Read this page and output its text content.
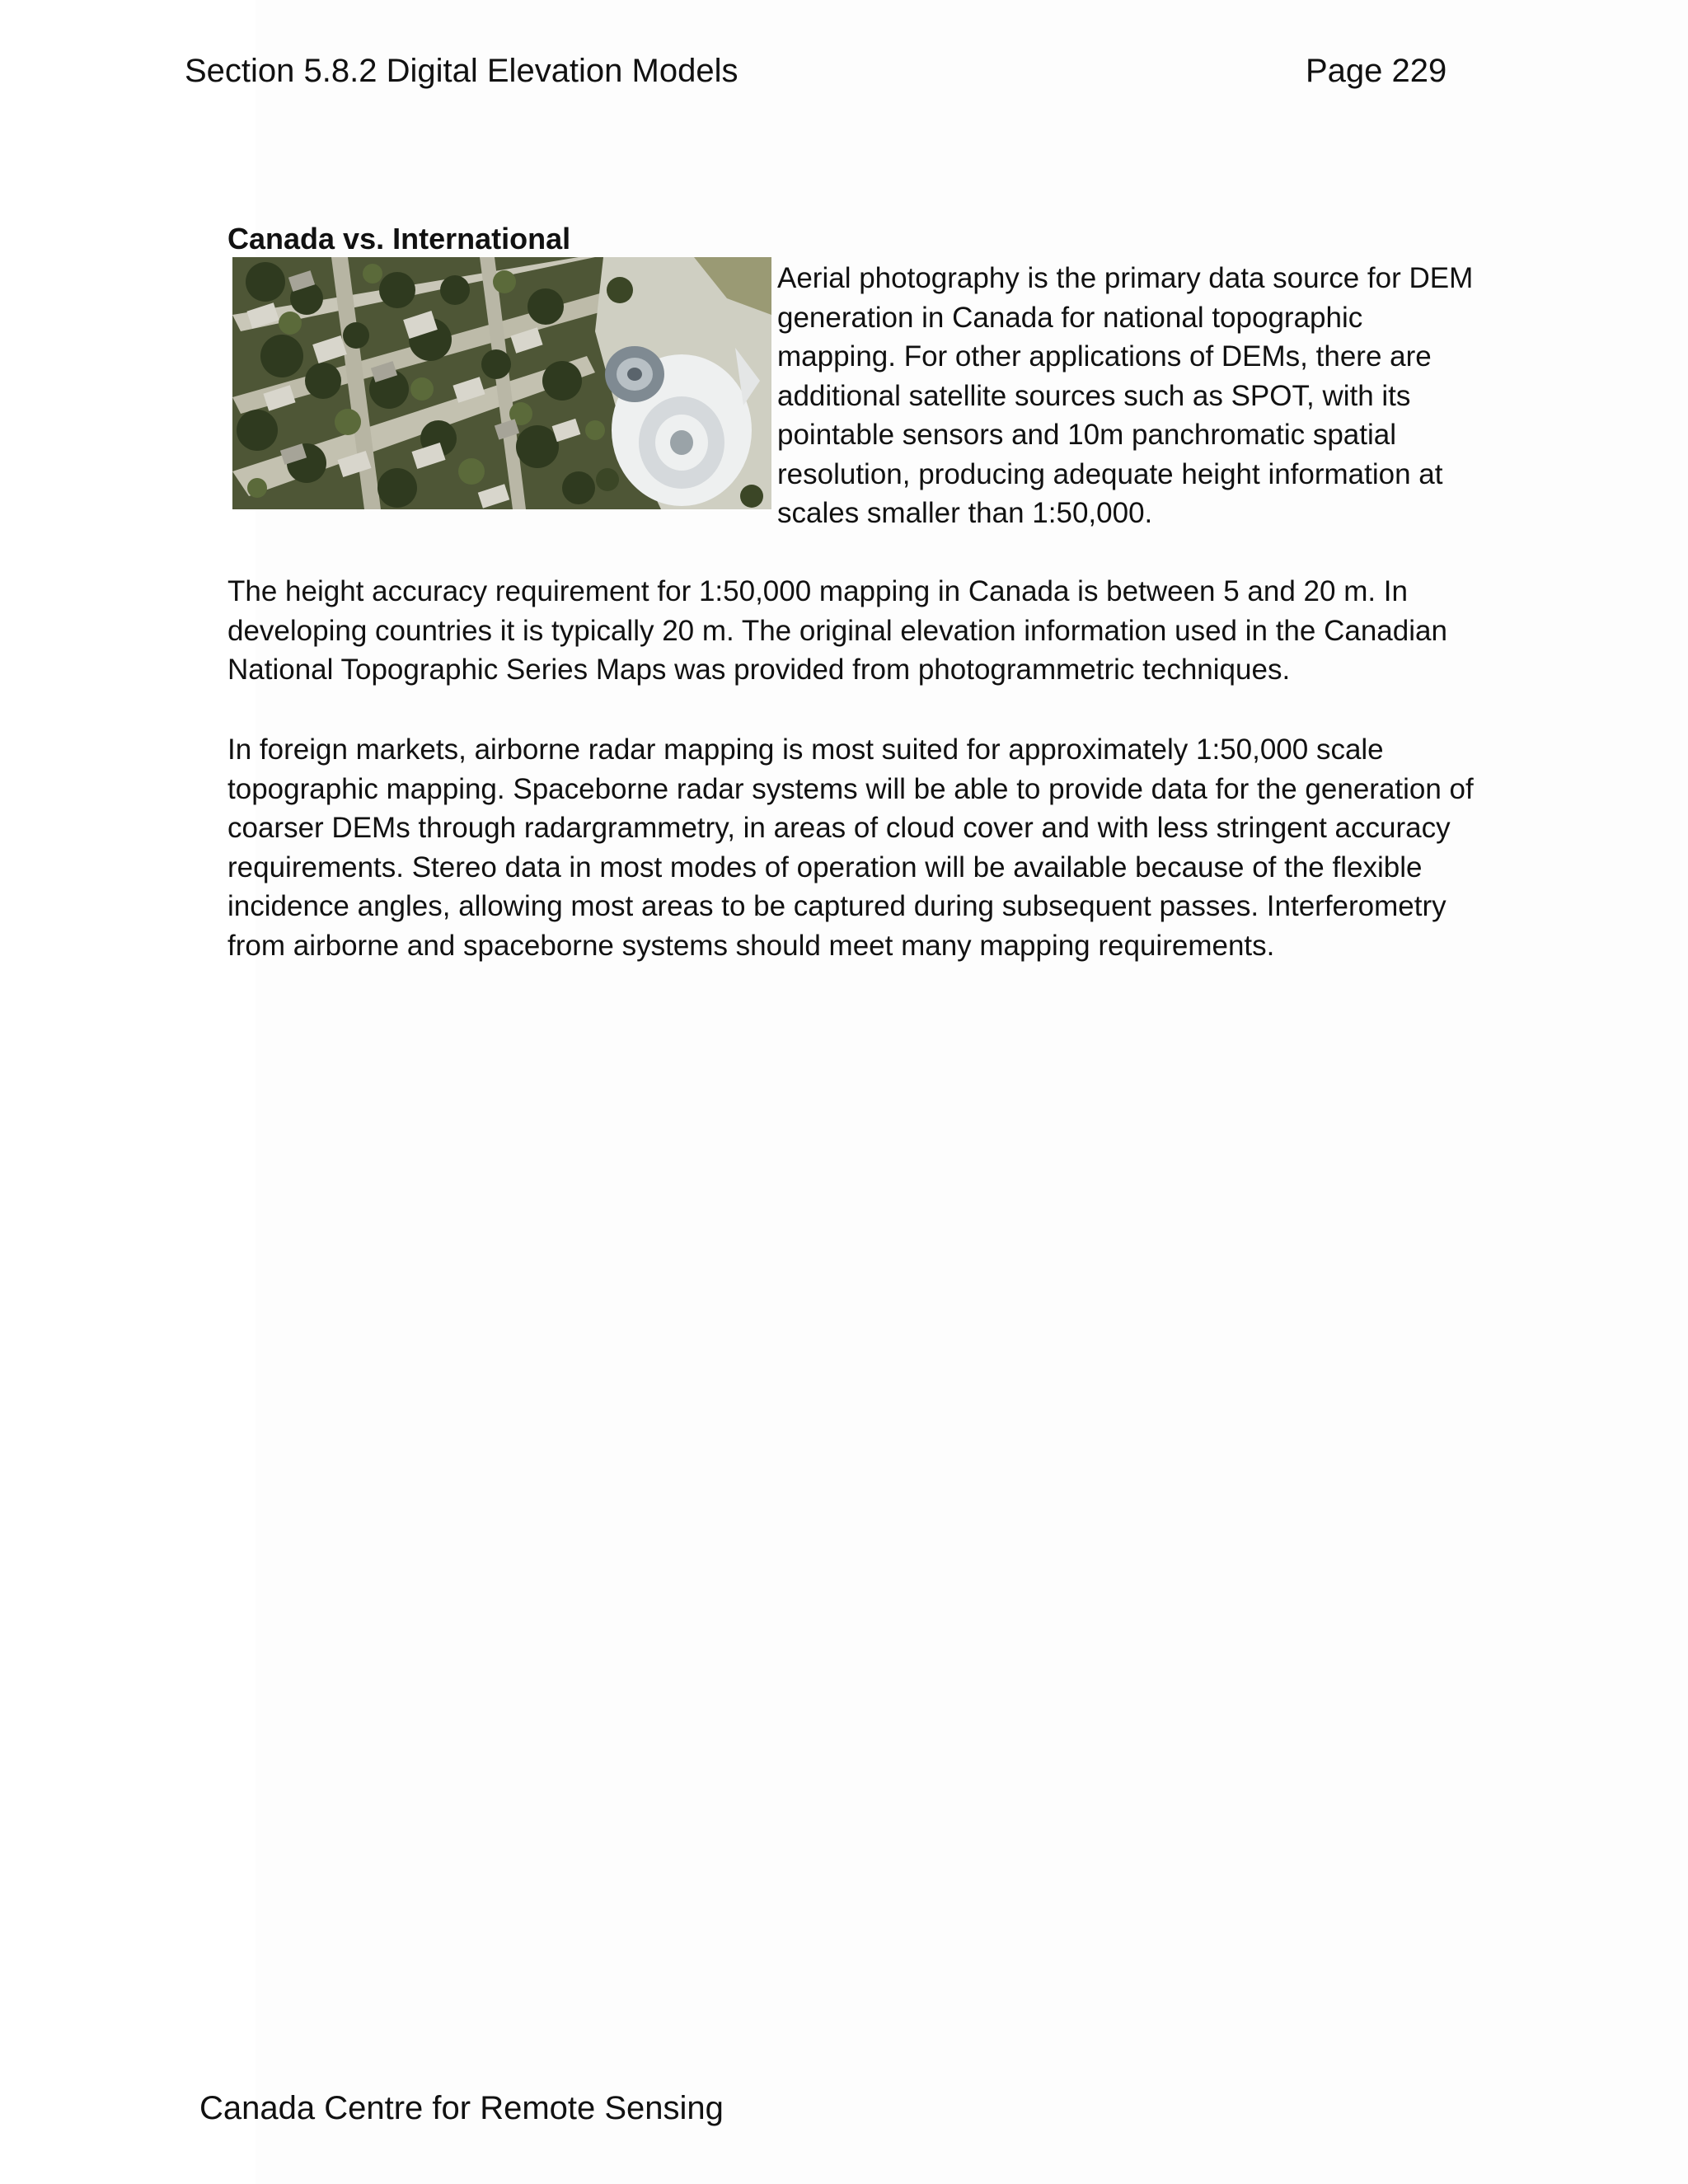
Section 5.8.2 Digital Elevation Models	Page 229
Canada vs. International

Aerial photography is the primary data source for DEM generation in Canada for national topographic mapping. For other applications of DEMs, there are additional satellite sources such as SPOT, with its pointable sensors and 10m panchromatic spatial resolution, producing adequate height information at scales smaller than 1:50,000.

The height accuracy requirement for 1:50,000 mapping in Canada is between 5 and 20 m. In developing countries it is typically 20 m. The original elevation information used in the Canadian National Topographic Series Maps was provided from photogrammetric techniques.

In foreign markets, airborne radar mapping is most suited for approximately 1:50,000 scale topographic mapping. Spaceborne radar systems will be able to provide data for the generation of coarser DEMs through radargrammetry, in areas of cloud cover and with less stringent accuracy requirements. Stereo data in most modes of operation will be available because of the flexible incidence angles, allowing most areas to be captured during subsequent passes. Interferometry from airborne and spaceborne systems should meet many mapping requirements.

Canada Centre for Remote Sensing
